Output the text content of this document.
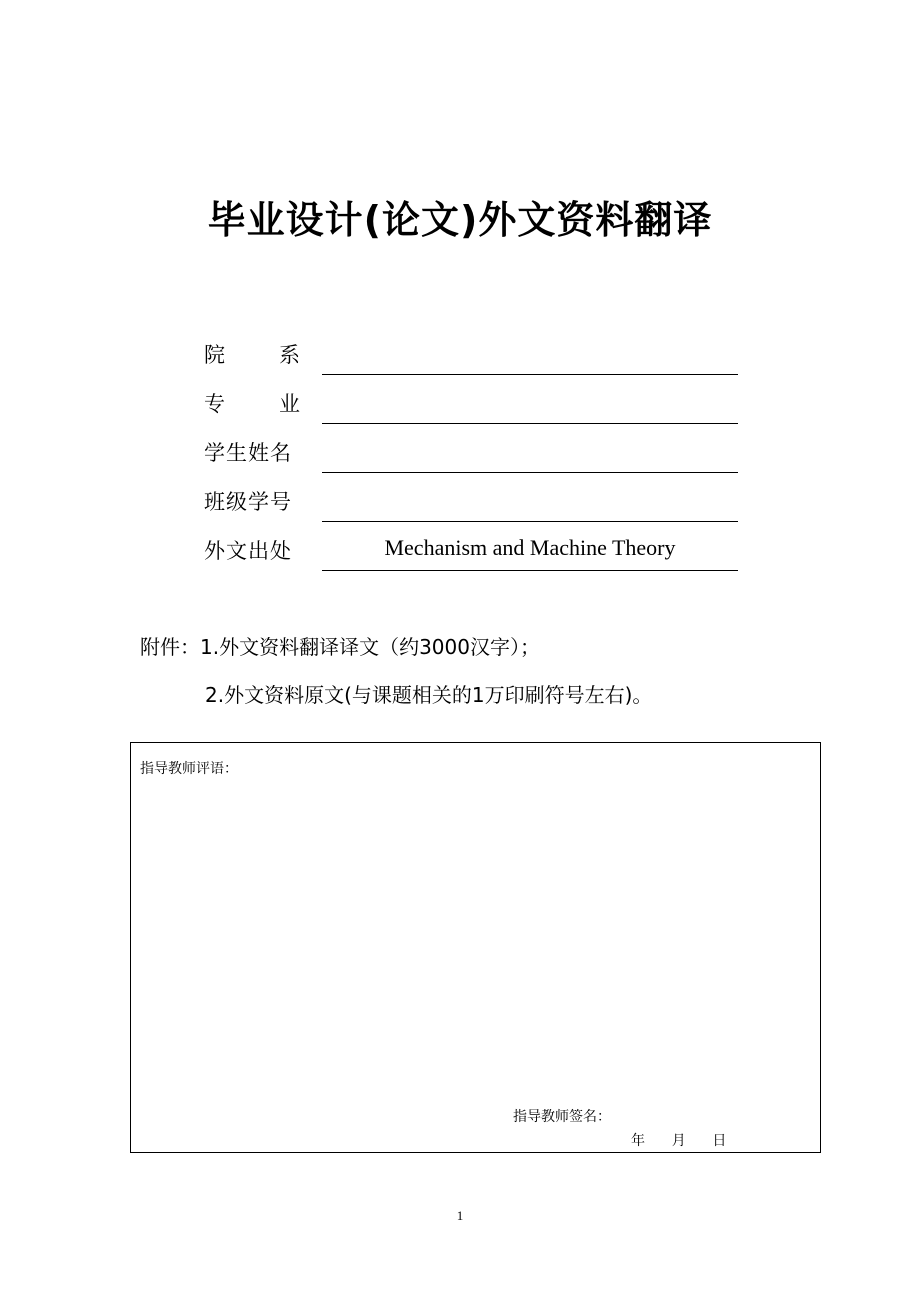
毕业设计(论文)外文资料翻译
院	系
专	业
学生姓名
班级学号
外文出处	Mechanism and Machine Theory
附件：1.外文资料翻译译文（约3000汉字）；
2.外文资料原文(与课题相关的1万印刷符号左右)。
指导教师评语：
指导教师签名：
年      月      日
1
